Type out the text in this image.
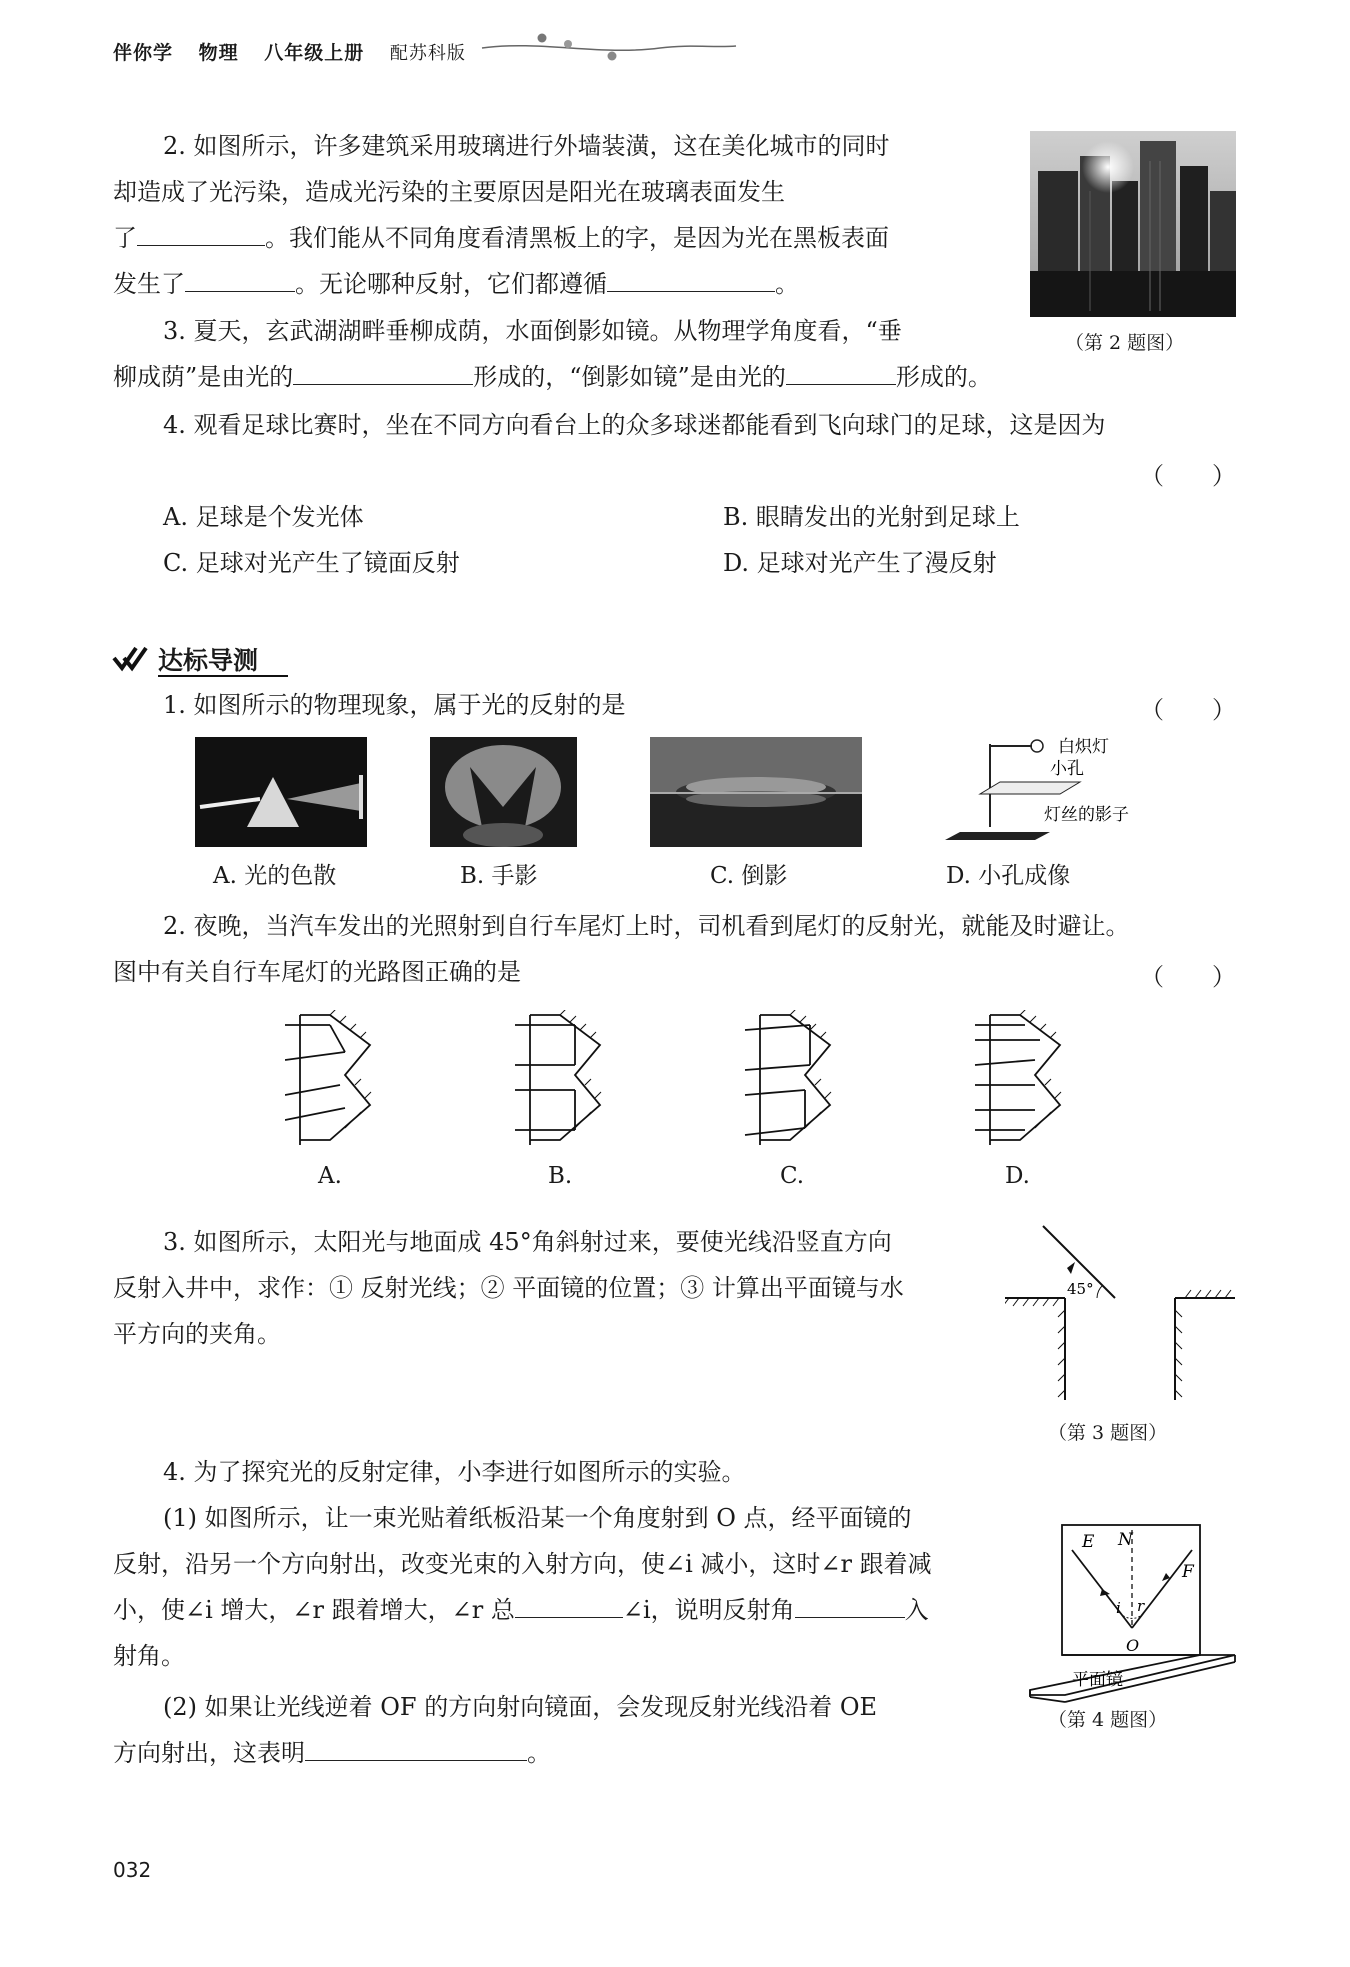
伴你学 物理 八年级上册 配苏科版
2. 如图所示，许多建筑采用玻璃进行外墙装潢，这在美化城市的同时
却造成了光污染，造成光污染的主要原因是阳光在玻璃表面发生
了	。我们能从不同角度看清黑板上的字，是因为光在黑板表面
发生了	。无论哪种反射，它们都遵循	。
（第 2 题图）
3. 夏天，玄武湖湖畔垂柳成荫，水面倒影如镜。从物理学角度看，“垂
柳成荫”是由光的	形成的，“倒影如镜”是由光的	形成的。
4. 观看足球比赛时，坐在不同方向看台上的众多球迷都能看到飞向球门的足球，这是因为
（　　）
A. 足球是个发光体	B. 眼睛发出的光射到足球上
C. 足球对光产生了镜面反射	D. 足球对光产生了漫反射
达标导测
1. 如图所示的物理现象，属于光的反射的是	（　　）
白炽灯
小孔
灯丝的影子
A. 光的色散	B. 手影	C. 倒影	D. 小孔成像
2. 夜晚，当汽车发出的光照射到自行车尾灯上时，司机看到尾灯的反射光，就能及时避让。
图中有关自行车尾灯的光路图正确的是	（　　）
A.	B.	C.	D.
3. 如图所示，太阳光与地面成 45°角斜射过来，要使光线沿竖直方向
反射入井中，求作：① 反射光线；② 平面镜的位置；③ 计算出平面镜与水
平方向的夹角。
45°
（第 3 题图）
4. 为了探究光的反射定律，小李进行如图所示的实验。
(1) 如图所示，让一束光贴着纸板沿某一个角度射到 O 点，经平面镜的
反射，沿另一个方向射出，改变光束的入射方向，使∠i 减小，这时∠r 跟着减
小，使∠i 增大，∠r 跟着增大，∠r 总	∠i，说明反射角	入
射角。
(2) 如果让光线逆着 OF 的方向射向镜面，会发现反射光线沿着 OE
方向射出，这表明	。
E N
F
i r
O
平面镜
（第 4 题图）
032
